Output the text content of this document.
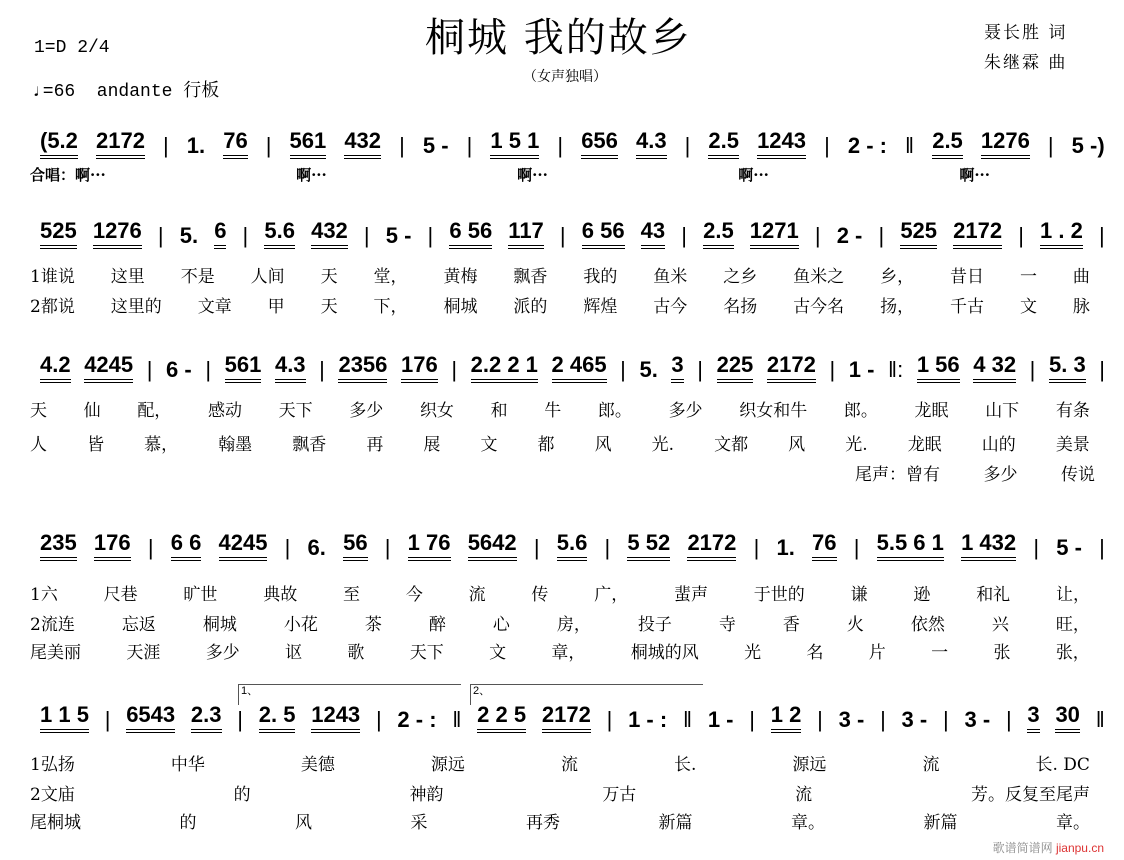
桐城 我的故乡
（女声独唱）
1=D 2/4
♩=66  andante 行板
聂长胜 词
朱继霖 曲
(5.2 2172 | 1. 76 | 561 432 | 5 - | 1 5 1 | 656 4.3 | 2.5 1243 | 2 - : ‖ 2.5 1276 | 5 -)
合唱：啊···	啊···	啊···	啊···	啊···
525 1276 | 5. 6 | 5.6 432 | 5 - | 6 56 117 | 6 56 43 | 2.5 1271 | 2 - | 525 2172 | 1 . 2 |
1谁说 这里 不是 人间 天 堂， 黄梅 飘香 我的 鱼米 之乡 鱼米之 乡， 昔日 一 曲
2都说 这里的 文章 甲 天 下， 桐城 派的 辉煌 古今 名扬 古今名 扬， 千古 文 脉
4.2 4245 | 6 - | 561 4.3 | 2356 176 | 2.2 2 1 2 465 | 5. 3 | 225 2172 | 1 - ‖: 1 56 4 32 | 5. 3 |
天 仙 配， 感动 天下 多少 织女 和 牛 郎。 多少 织女和牛 郎。 龙眠 山下 有条
人 皆 慕， 翰墨 飘香 再 展 文 都 风 光. 文都 风 光. 龙眠 山的 美景
尾声：曾有	多少	传说
235 176 | 6 6 4245 | 6. 56 | 1 76 5642 | 5.6 | 5 52 2172 | 1. 76 | 5.5 6 1 1 432 | 5 - |
1六	尺巷	旷世	典故	至	今	流	传	广，	蜚声	于世的	谦	逊	和礼	让，
2流连	忘返	桐城	小花	茶	醉	心	房，	投子	寺	香	火	依然	兴	旺，
尾美丽	天涯	多少	讴	歌	天下	文	章，	桐城的风	光	名	片	一	张	张，
1 1 5 | 6543 2.3 | 2. 5 1243 | 2 - : ‖ 2 2 5 2172 | 1 - : ‖ 1 - | 1 2 | 3 - | 3 - | 3 - | 3 30 ‖
1弘扬	中华	美德	源远	流	长.	源远	流	长. DC
2文庙	的	神韵	万古	流	芳。反复至尾声
尾桐城	的	风	采	再秀	新篇	章。	新篇	章。
1、	2、
歌谱简谱网 jianpu.cn
